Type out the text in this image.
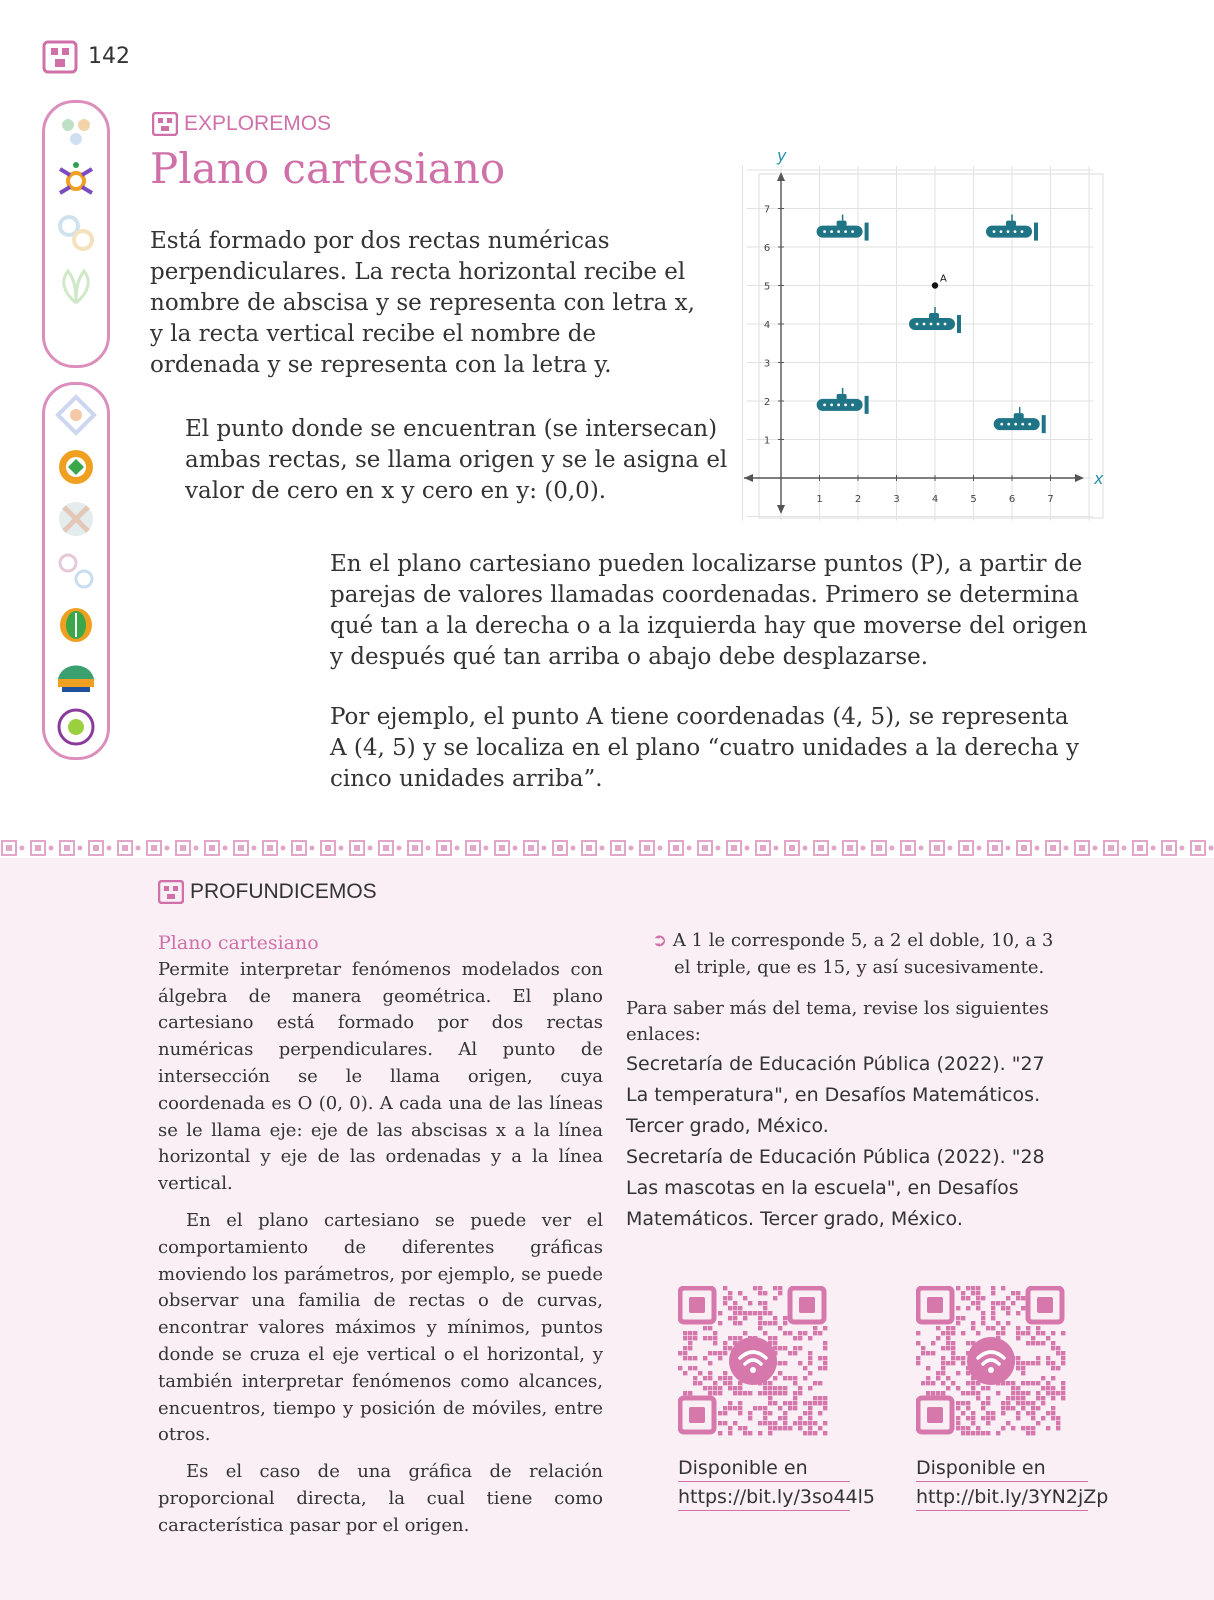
142
EXPLOREMOS
Plano cartesiano
Está formado por dos rectas numéricas perpendiculares. La recta horizontal recibe el nombre de abscisa y se representa con letra x, y la recta vertical recibe el nombre de ordenada y se representa con la letra y.
El punto donde se encuentran (se intersecan) ambas rectas, se llama origen y se le asigna el valor de cero en x y cero en y: (0,0).
En el plano cartesiano pueden localizarse puntos (P), a partir de parejas de valores llamadas coordenadas. Primero se determina qué tan a la derecha o a la izquierda hay que moverse del origen y después qué tan arriba o abajo debe desplazarse.
Por ejemplo, el punto A tiene coordenadas (4, 5), se representa A (4, 5) y se localiza en el plano “cuatro unidades a la derecha y cinco unidades arriba”.
1	2	3	4	5	6	7
1
2
3
4
5
6
7
A
x
y
PROFUNDICEMOS
Plano cartesiano

Permite interpretar fenómenos modelados con álgebra de manera geométrica. El plano cartesiano está formado por dos rectas numéricas perpendiculares. Al punto de intersección se le llama origen, cuya coordenada es O (0, 0). A cada una de las líneas se le llama eje: eje de las abscisas x a la línea horizontal y eje de las ordenadas y a la línea vertical.

En el plano cartesiano se puede ver el comportamiento de diferentes gráficas moviendo los parámetros, por ejemplo, se puede observar una familia de rectas o de curvas, encontrar valores máximos y mínimos, puntos donde se cruza el eje vertical o el horizontal, y también interpretar fenómenos como alcances, encuentros, tiempo y posición de móviles, entre otros.

Es el caso de una gráfica de relación proporcional directa, la cual tiene como característica pasar por el origen.

➲ A 1 le corresponde 5, a 2 el doble, 10, a 3 el triple, que es 15, y así sucesivamente.
Para saber más del tema, revise los siguientes enlaces:
Secretaría de Educación Pública (2022). "27 La temperatura", en Desafíos Matemáticos. Tercer grado, México.
Secretaría de Educación Pública (2022). "28 Las mascotas en la escuela", en Desafíos Matemáticos. Tercer grado, México.
Disponible en
https://bit.ly/3so44l5
Disponible en
http://bit.ly/3YN2jZp
